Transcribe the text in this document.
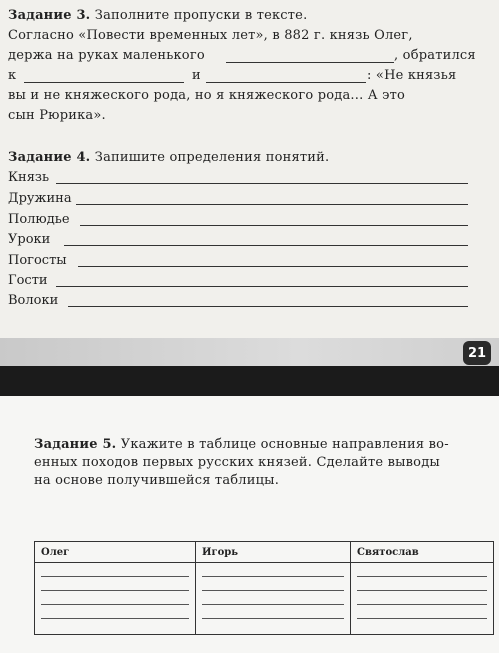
Задание 3. Заполните пропуски в тексте.
Согласно «Повести временных лет», в 882 г. князь Олег,
держа на руках маленького	, обратился
к	и	: «Не князья
вы и не княжеского рода, но я княжеского рода... А это
сын Рюрика».
Задание 4. Запишите определения понятий.
Князь
Дружина
Полюдье
Уроки
Погосты
Гости
Волоки
21
Задание 5. Укажите в таблице основные направления во-
енных походов первых русских князей. Сделайте выводы
на основе получившейся таблицы.
Олег	Игорь	Святослав
